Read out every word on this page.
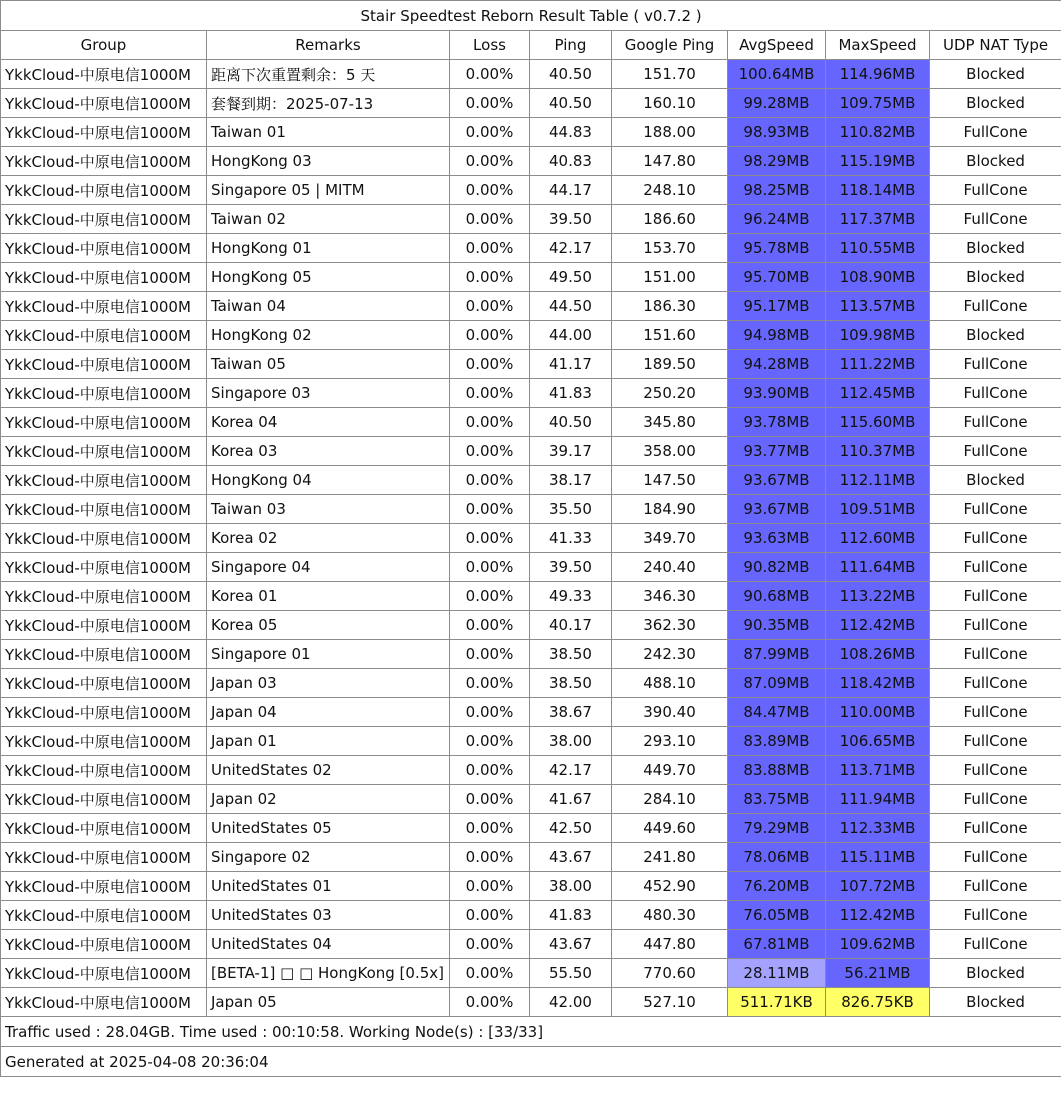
Stair Speedtest Reborn Result Table ( v0.7.2 )							
Group	Remarks	Loss	Ping	Google Ping	AvgSpeed	MaxSpeed	UDP NAT Type
YkkCloud-中原电信1000M	距离下次重置剩余：5 天	0.00%	40.50	151.70	100.64MB	114.96MB	Blocked
YkkCloud-中原电信1000M	套餐到期：2025-07-13	0.00%	40.50	160.10	99.28MB	109.75MB	Blocked
YkkCloud-中原电信1000M	Taiwan 01	0.00%	44.83	188.00	98.93MB	110.82MB	FullCone
YkkCloud-中原电信1000M	HongKong 03	0.00%	40.83	147.80	98.29MB	115.19MB	Blocked
YkkCloud-中原电信1000M	Singapore 05 | MITM	0.00%	44.17	248.10	98.25MB	118.14MB	FullCone
YkkCloud-中原电信1000M	Taiwan 02	0.00%	39.50	186.60	96.24MB	117.37MB	FullCone
YkkCloud-中原电信1000M	HongKong 01	0.00%	42.17	153.70	95.78MB	110.55MB	Blocked
YkkCloud-中原电信1000M	HongKong 05	0.00%	49.50	151.00	95.70MB	108.90MB	Blocked
YkkCloud-中原电信1000M	Taiwan 04	0.00%	44.50	186.30	95.17MB	113.57MB	FullCone
YkkCloud-中原电信1000M	HongKong 02	0.00%	44.00	151.60	94.98MB	109.98MB	Blocked
YkkCloud-中原电信1000M	Taiwan 05	0.00%	41.17	189.50	94.28MB	111.22MB	FullCone
YkkCloud-中原电信1000M	Singapore 03	0.00%	41.83	250.20	93.90MB	112.45MB	FullCone
YkkCloud-中原电信1000M	Korea 04	0.00%	40.50	345.80	93.78MB	115.60MB	FullCone
YkkCloud-中原电信1000M	Korea 03	0.00%	39.17	358.00	93.77MB	110.37MB	FullCone
YkkCloud-中原电信1000M	HongKong 04	0.00%	38.17	147.50	93.67MB	112.11MB	Blocked
YkkCloud-中原电信1000M	Taiwan 03	0.00%	35.50	184.90	93.67MB	109.51MB	FullCone
YkkCloud-中原电信1000M	Korea 02	0.00%	41.33	349.70	93.63MB	112.60MB	FullCone
YkkCloud-中原电信1000M	Singapore 04	0.00%	39.50	240.40	90.82MB	111.64MB	FullCone
YkkCloud-中原电信1000M	Korea 01	0.00%	49.33	346.30	90.68MB	113.22MB	FullCone
YkkCloud-中原电信1000M	Korea 05	0.00%	40.17	362.30	90.35MB	112.42MB	FullCone
YkkCloud-中原电信1000M	Singapore 01	0.00%	38.50	242.30	87.99MB	108.26MB	FullCone
YkkCloud-中原电信1000M	Japan 03	0.00%	38.50	488.10	87.09MB	118.42MB	FullCone
YkkCloud-中原电信1000M	Japan 04	0.00%	38.67	390.40	84.47MB	110.00MB	FullCone
YkkCloud-中原电信1000M	Japan 01	0.00%	38.00	293.10	83.89MB	106.65MB	FullCone
YkkCloud-中原电信1000M	UnitedStates 02	0.00%	42.17	449.70	83.88MB	113.71MB	FullCone
YkkCloud-中原电信1000M	Japan 02	0.00%	41.67	284.10	83.75MB	111.94MB	FullCone
YkkCloud-中原电信1000M	UnitedStates 05	0.00%	42.50	449.60	79.29MB	112.33MB	FullCone
YkkCloud-中原电信1000M	Singapore 02	0.00%	43.67	241.80	78.06MB	115.11MB	FullCone
YkkCloud-中原电信1000M	UnitedStates 01	0.00%	38.00	452.90	76.20MB	107.72MB	FullCone
YkkCloud-中原电信1000M	UnitedStates 03	0.00%	41.83	480.30	76.05MB	112.42MB	FullCone
YkkCloud-中原电信1000M	UnitedStates 04	0.00%	43.67	447.80	67.81MB	109.62MB	FullCone
YkkCloud-中原电信1000M	[BETA-1] □ □ HongKong [0.5x]	0.00%	55.50	770.60	28.11MB	56.21MB	Blocked
YkkCloud-中原电信1000M	Japan 05	0.00%	42.00	527.10	511.71KB	826.75KB	Blocked
Traffic used : 28.04GB. Time used : 00:10:58. Working Node(s) : [33/33]							
Generated at 2025-04-08 20:36:04							
